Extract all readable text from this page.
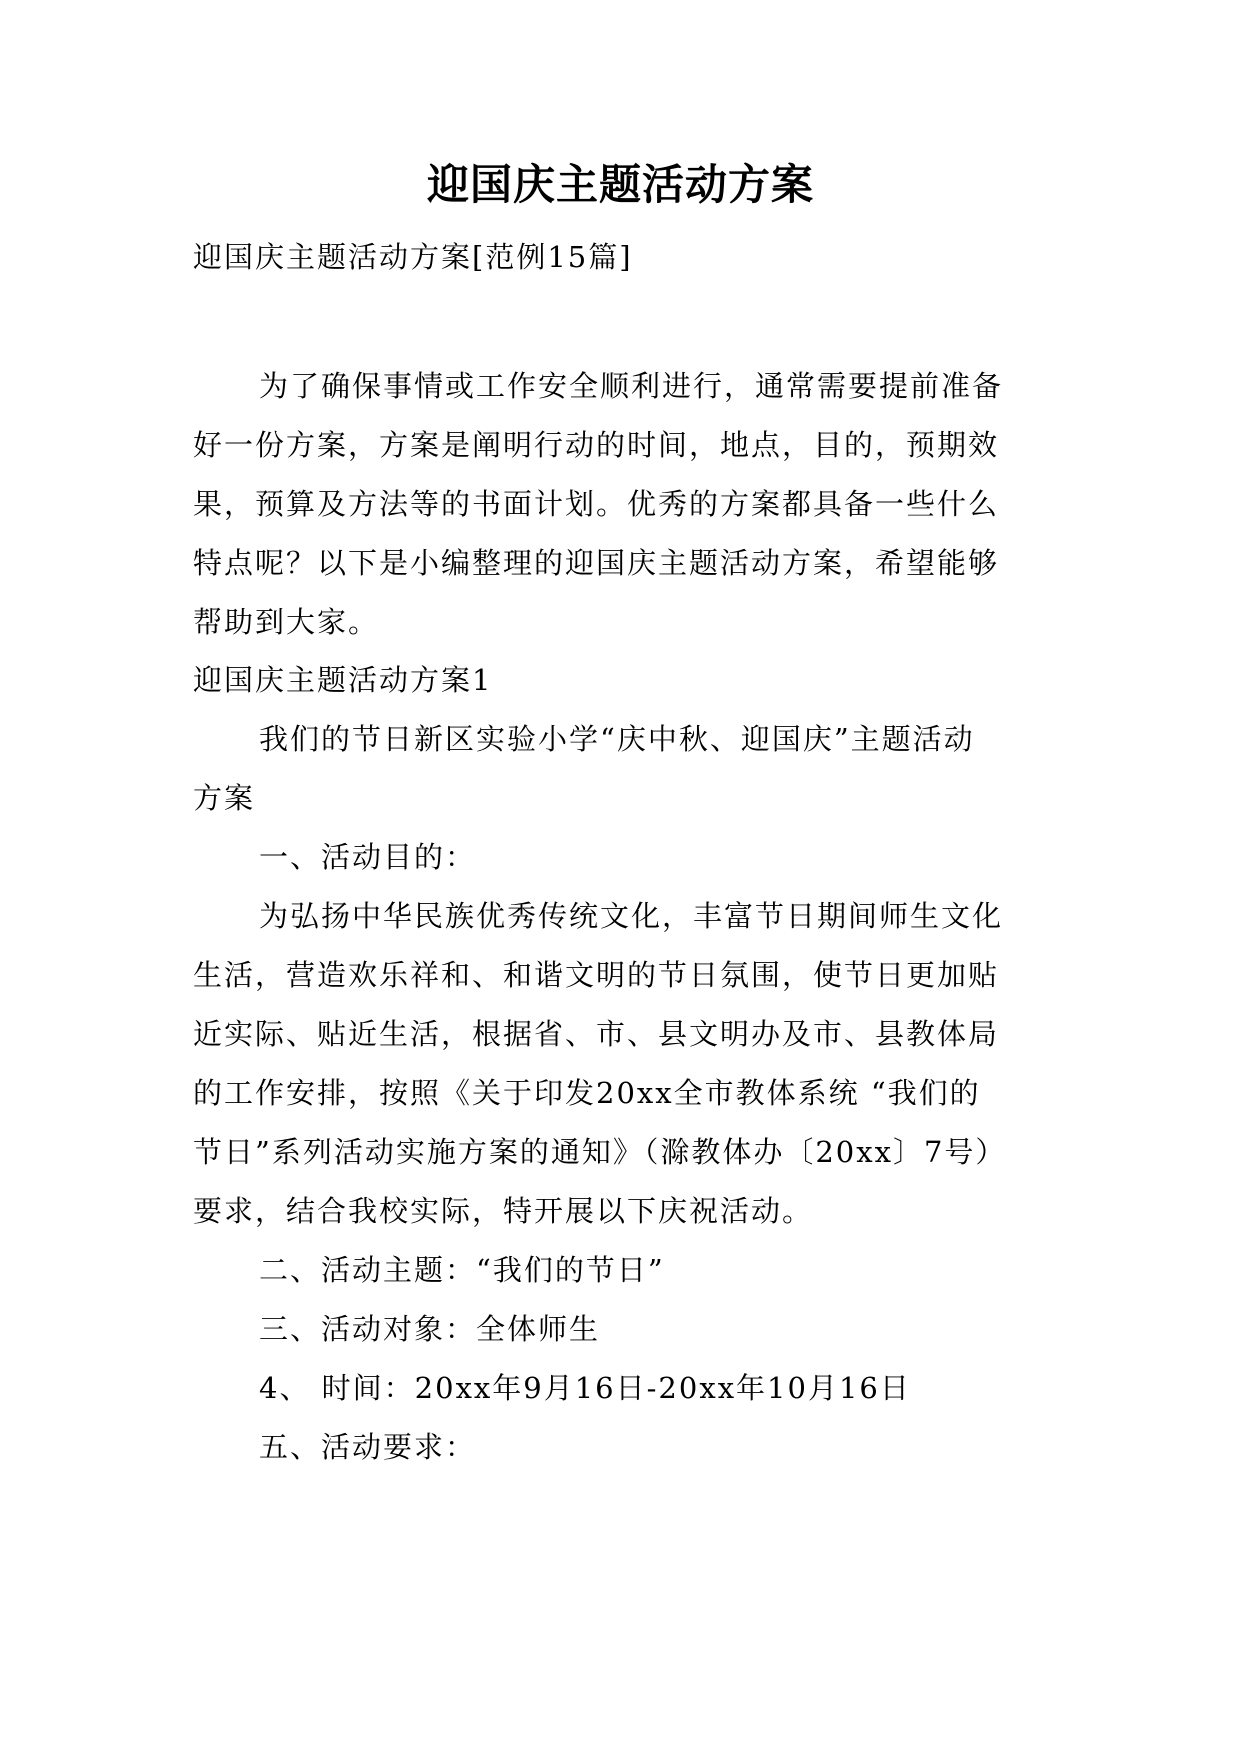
迎国庆主题活动方案
迎国庆主题活动方案[范例15篇]
为了确保事情或工作安全顺利进行，通常需要提前准备
好一份方案，方案是阐明行动的时间，地点，目的，预期效
果，预算及方法等的书面计划。优秀的方案都具备一些什么
特点呢？以下是小编整理的迎国庆主题活动方案，希望能够
帮助到大家。
迎国庆主题活动方案1
我们的节日新区实验小学“庆中秋、迎国庆”主题活动
方案
一、活动目的：
为弘扬中华民族优秀传统文化，丰富节日期间师生文化
生活，营造欢乐祥和、和谐文明的节日氛围，使节日更加贴
近实际、贴近生活，根据省、市、县文明办及市、县教体局
的工作安排，按照《关于印发20xx全市教体系统 “我们的
节日”系列活动实施方案的通知》（滁教体办〔20xx〕7号）
要求，结合我校实际，特开展以下庆祝活动。
二、活动主题：“我们的节日”
三、活动对象：全体师生
4、 时间：20xx年9月16日-20xx年10月16日
五、活动要求：
